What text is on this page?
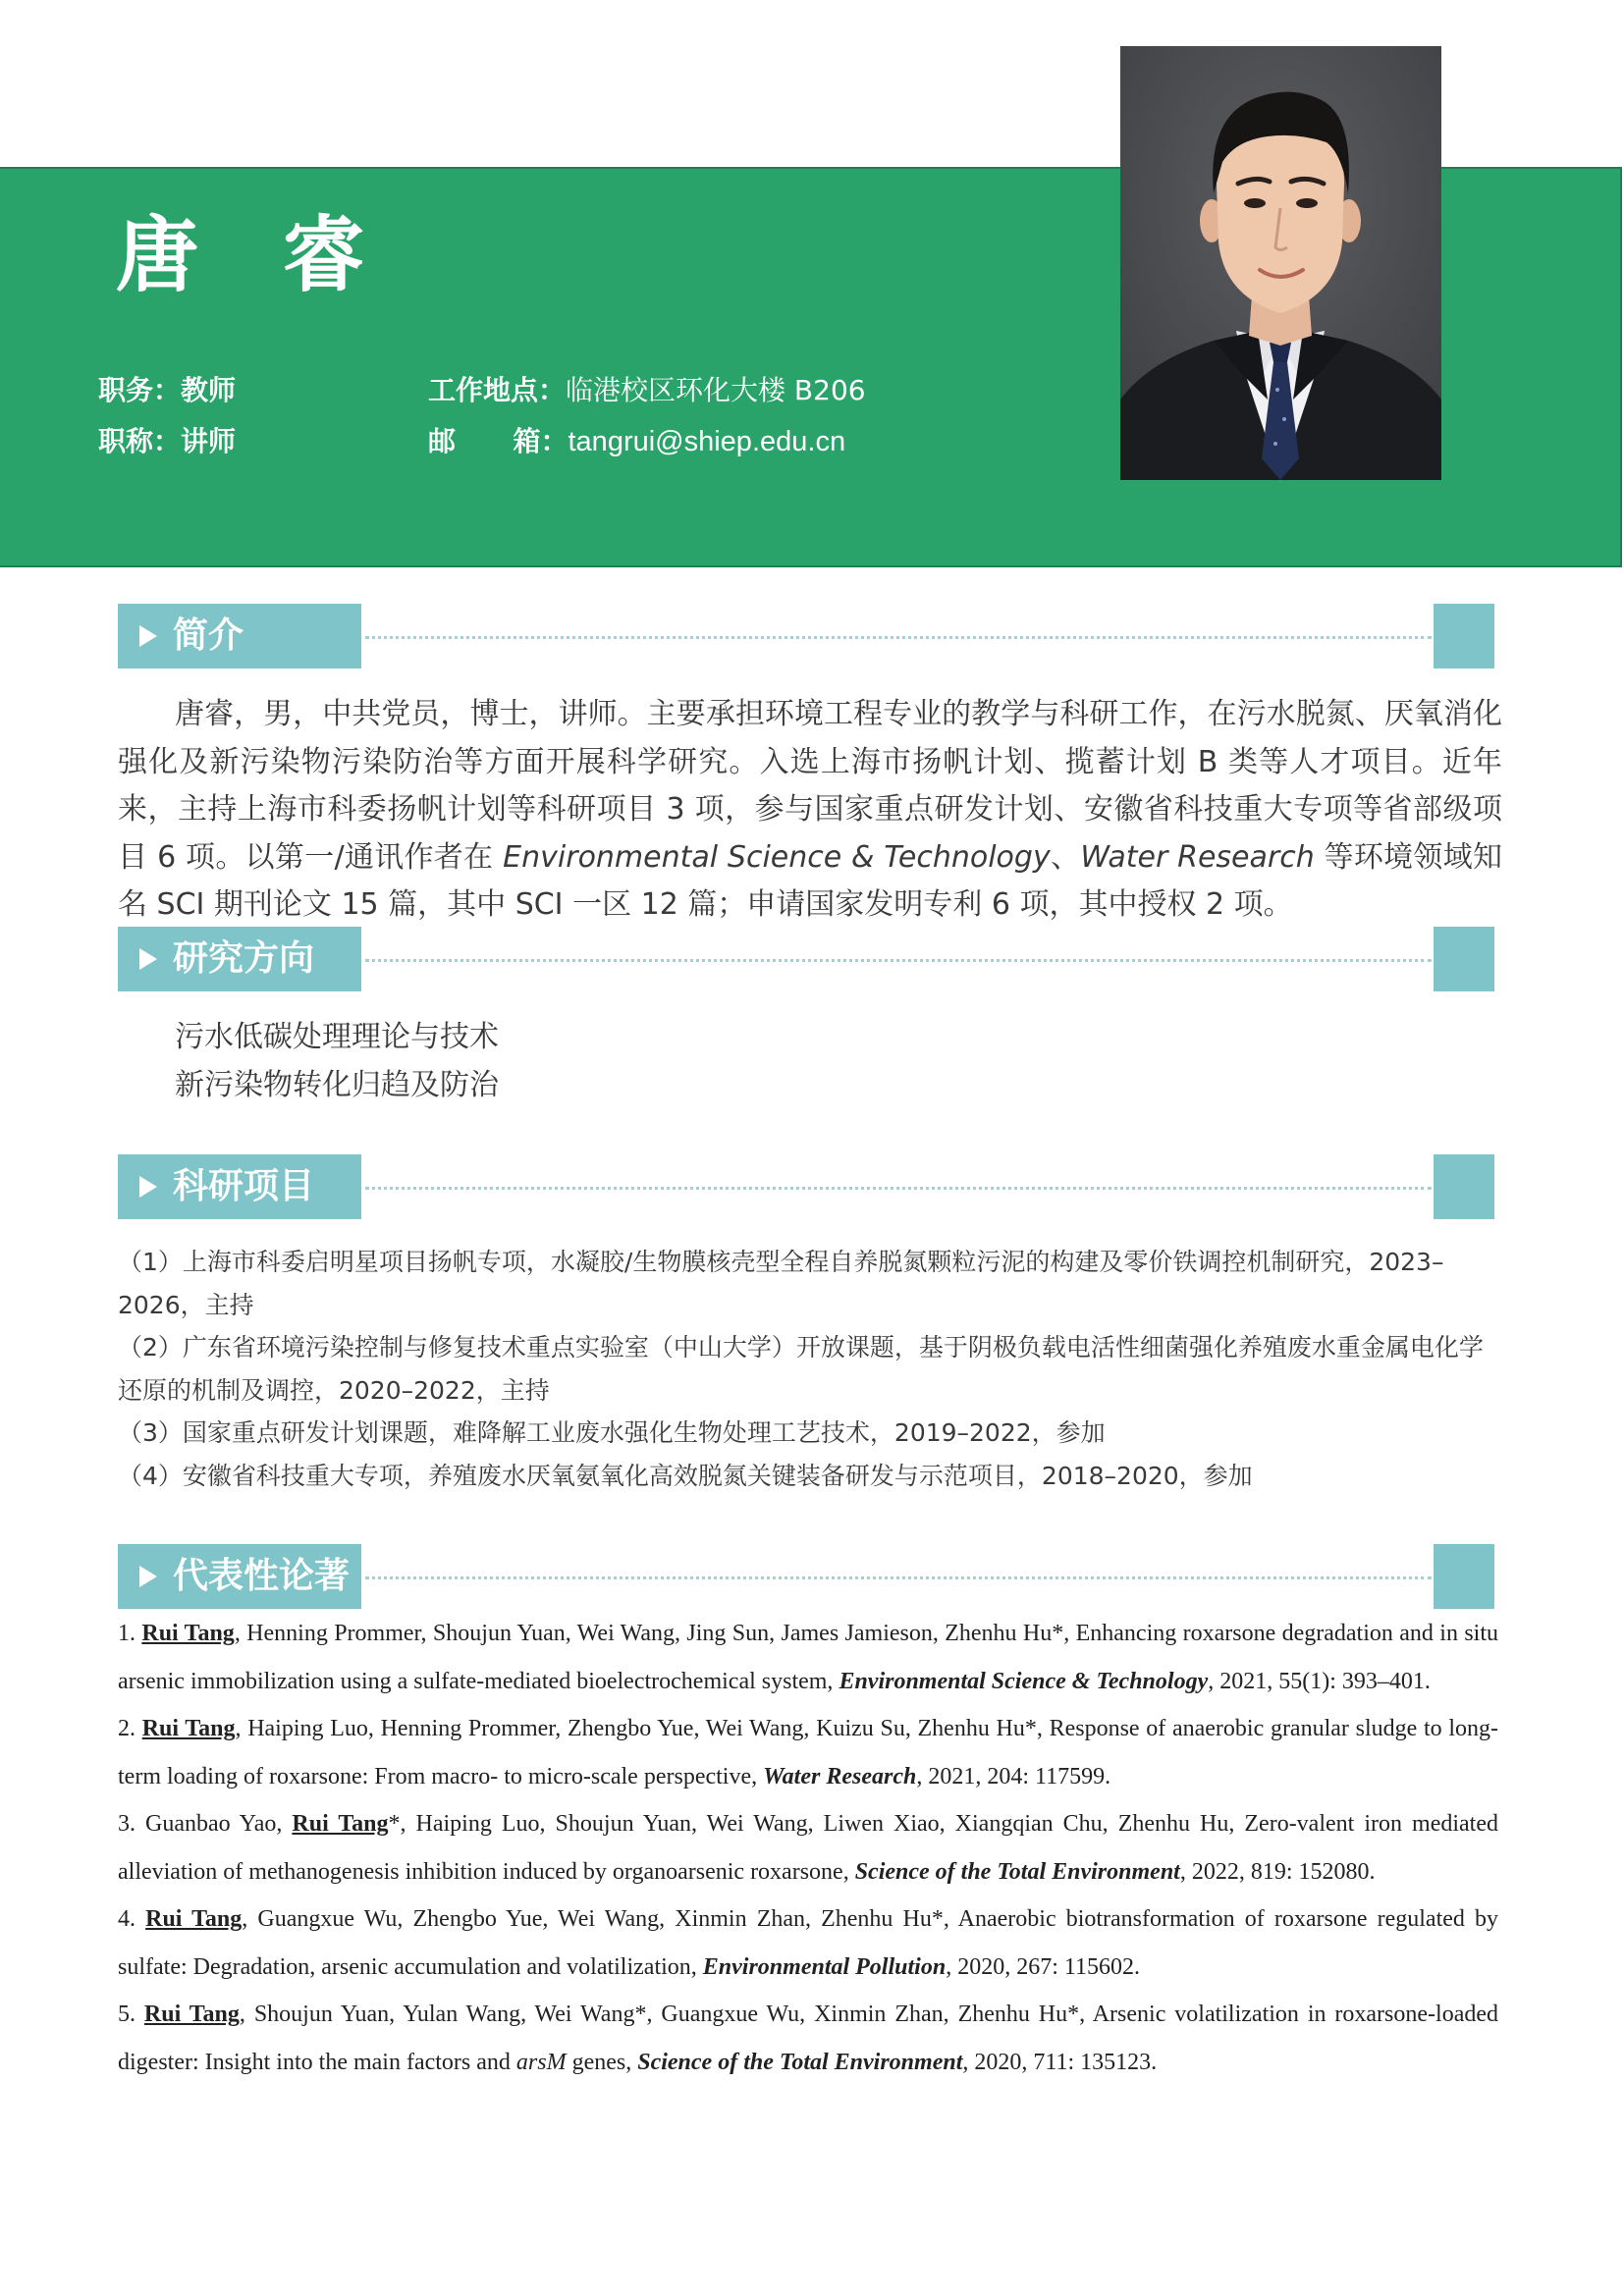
唐 睿
职务：教师
职称：讲师
工作地点：临港校区环化大楼 B206
邮      箱：tangrui@shiep.edu.cn
简介

唐睿，男，中共党员，博士，讲师。主要承担环境工程专业的教学与科研工作，在污水脱氮、厌氧消化强化及新污染物污染防治等方面开展科学研究。入选上海市扬帆计划、揽蓄计划 B 类等人才项目。近年来，主持上海市科委扬帆计划等科研项目 3 项，参与国家重点研发计划、安徽省科技重大专项等省部级项目 6 项。以第一/通讯作者在 Environmental Science & Technology、Water Research 等环境领域知名 SCI 期刊论文 15 篇，其中 SCI 一区 12 篇；申请国家发明专利 6 项，其中授权 2 项。

研究方向
污水低碳处理理论与技术
新污染物转化归趋及防治
科研项目

（1）上海市科委启明星项目扬帆专项，水凝胶/生物膜核壳型全程自养脱氮颗粒污泥的构建及零价铁调控机制研究，2023–2026，主持

（2）广东省环境污染控制与修复技术重点实验室（中山大学）开放课题，基于阴极负载电活性细菌强化养殖废水重金属电化学还原的机制及调控，2020–2022，主持

（3）国家重点研发计划课题，难降解工业废水强化生物处理工艺技术，2019–2022，参加

（4）安徽省科技重大专项，养殖废水厌氧氨氧化高效脱氮关键装备研发与示范项目，2018–2020，参加

代表性论著

1. Rui Tang, Henning Prommer, Shoujun Yuan, Wei Wang, Jing Sun, James Jamieson, Zhenhu Hu*, Enhancing roxarsone degradation and in situ arsenic immobilization using a sulfate-mediated bioelectrochemical system, Environmental Science & Technology, 2021, 55(1): 393–401.

2. Rui Tang, Haiping Luo, Henning Prommer, Zhengbo Yue, Wei Wang, Kuizu Su, Zhenhu Hu*, Response of anaerobic granular sludge to long-term loading of roxarsone: From macro- to micro-scale perspective, Water Research, 2021, 204: 117599.

3. Guanbao Yao, Rui Tang*, Haiping Luo, Shoujun Yuan, Wei Wang, Liwen Xiao, Xiangqian Chu, Zhenhu Hu, Zero-valent iron mediated alleviation of methanogenesis inhibition induced by organoarsenic roxarsone, Science of the Total Environment, 2022, 819: 152080.

4. Rui Tang, Guangxue Wu, Zhengbo Yue, Wei Wang, Xinmin Zhan, Zhenhu Hu*, Anaerobic biotransformation of roxarsone regulated by sulfate: Degradation, arsenic accumulation and volatilization, Environmental Pollution, 2020, 267: 115602.

5. Rui Tang, Shoujun Yuan, Yulan Wang, Wei Wang*, Guangxue Wu, Xinmin Zhan, Zhenhu Hu*, Arsenic volatilization in roxarsone-loaded digester: Insight into the main factors and arsM genes, Science of the Total Environment, 2020, 711: 135123.
